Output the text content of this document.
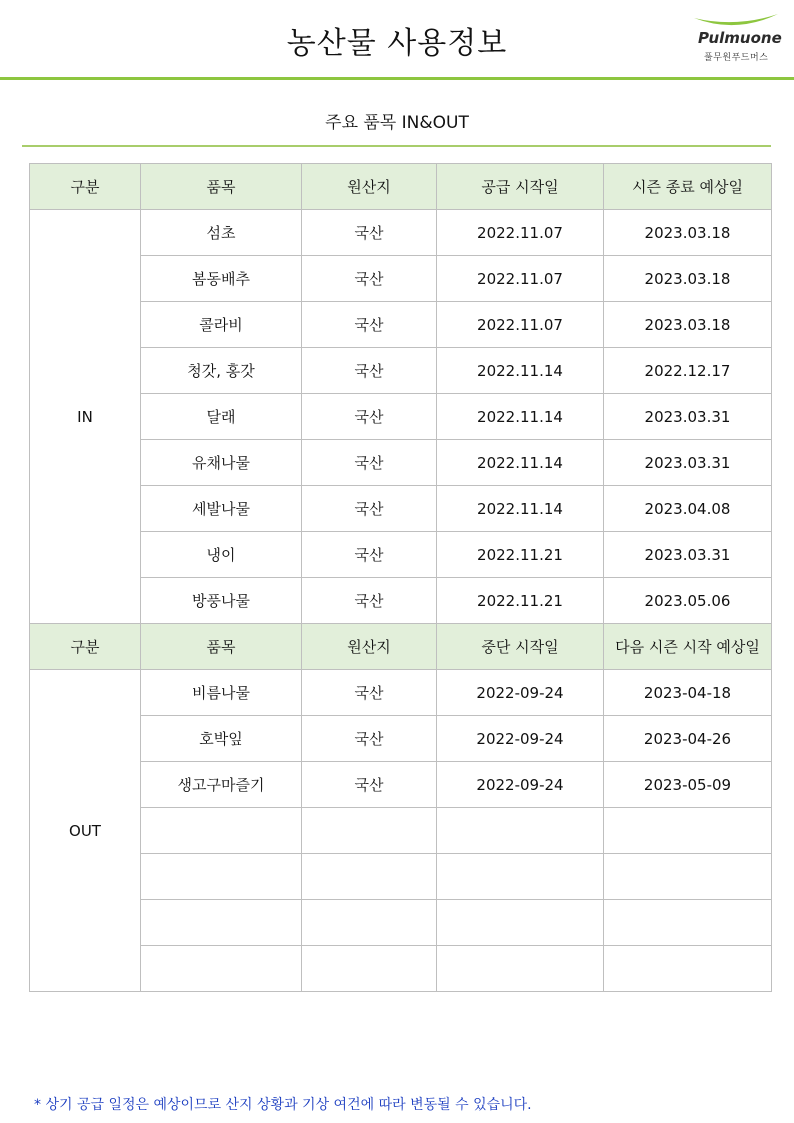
농산물 사용정보	Pulmuone
풀무원푸드머스
주요 품목 IN&OUT
구분	품목	원산지	공급 시작일	시즌 종료 예상일
IN	섬초	국산	2022.11.07	2023.03.18
	봄동배추	국산	2022.11.07	2023.03.18
	콜라비	국산	2022.11.07	2023.03.18
	청갓, 홍갓	국산	2022.11.14	2022.12.17
	달래	국산	2022.11.14	2023.03.31
	유채나물	국산	2022.11.14	2023.03.31
	세발나물	국산	2022.11.14	2023.04.08
	냉이	국산	2022.11.21	2023.03.31
	방풍나물	국산	2022.11.21	2023.05.06
구분	품목	원산지	중단 시작일	다음 시즌 시작 예상일
OUT	비름나물	국산	2022-09-24	2023-04-18
	호박잎	국산	2022-09-24	2023-04-26
	생고구마즐기	국산	2022-09-24	2023-05-09

* 상기 공급 일정은 예상이므로 산지 상황과 기상 여건에 따라 변동될 수 있습니다.
